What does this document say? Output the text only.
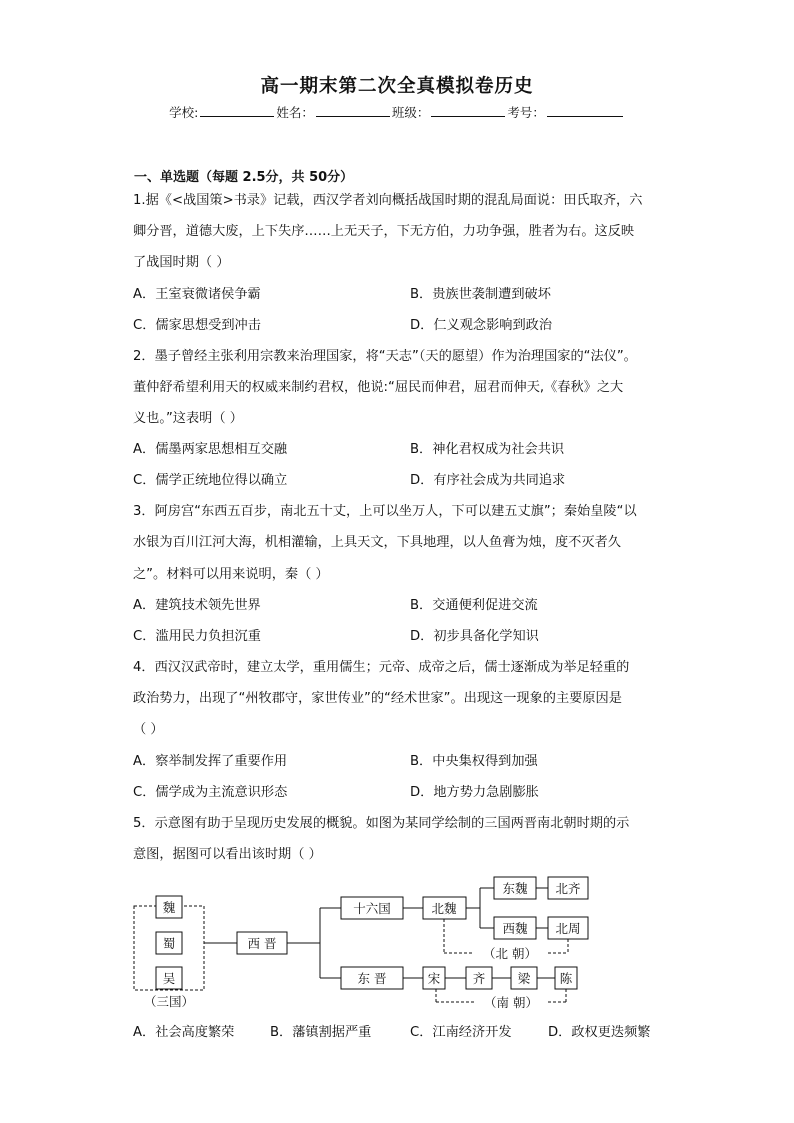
高一期末第二次全真模拟卷历史
学校:	姓名：	班级：	考号：
一、单选题（每题 2.5分，共 50分）
1.据《<战国策>书录》记载，西汉学者刘向概括战国时期的混乱局面说：田氏取齐，六
卿分晋，道德大废，上下失序……上无天子，下无方伯，力功争强，胜者为右。这反映
了战国时期（ ）
A．王室衰微诸侯争霸	B．贵族世袭制遭到破坏
C．儒家思想受到冲击	D．仁义观念影响到政治
2．墨子曾经主张利用宗教来治理国家，将“天志”（天的愿望）作为治理国家的“法仪”。
董仲舒希望利用天的权威来制约君权，他说:“屈民而伸君，屈君而伸天,《春秋》之大
义也。”这表明（ ）
A．儒墨两家思想相互交融	B．神化君权成为社会共识
C．儒学正统地位得以确立	D．有序社会成为共同追求
3．阿房宫“东西五百步，南北五十丈，上可以坐万人，下可以建五丈旗”；秦始皇陵“以
水银为百川江河大海，机相灌输，上具天文，下具地理，以人鱼膏为烛，度不灭者久
之”。材料可以用来说明，秦（ ）
A．建筑技术领先世界	B．交通便利促进交流
C．滥用民力负担沉重	D．初步具备化学知识
4．西汉汉武帝时，建立太学，重用儒生；元帝、成帝之后，儒士逐渐成为举足轻重的
政治势力，出现了“州牧郡守，家世传业”的“经术世家”。出现这一现象的主要原因是
（ ）
A．察举制发挥了重要作用	B．中央集权得到加强
C．儒学成为主流意识形态	D．地方势力急剧膨胀
5．示意图有助于呈现历史发展的概貌。如图为某同学绘制的三国两晋南北朝时期的示
意图，据图可以看出该时期（ ）
A．社会高度繁荣	B．藩镇割据严重	C．江南经济开发	D．政权更迭频繁
魏
蜀
吴
（三国）
西 晋
十六国	北魏
东魏 北齐
西魏 北周
（北 朝）
东 晋	宋	齐	梁 陈
（南 朝）
